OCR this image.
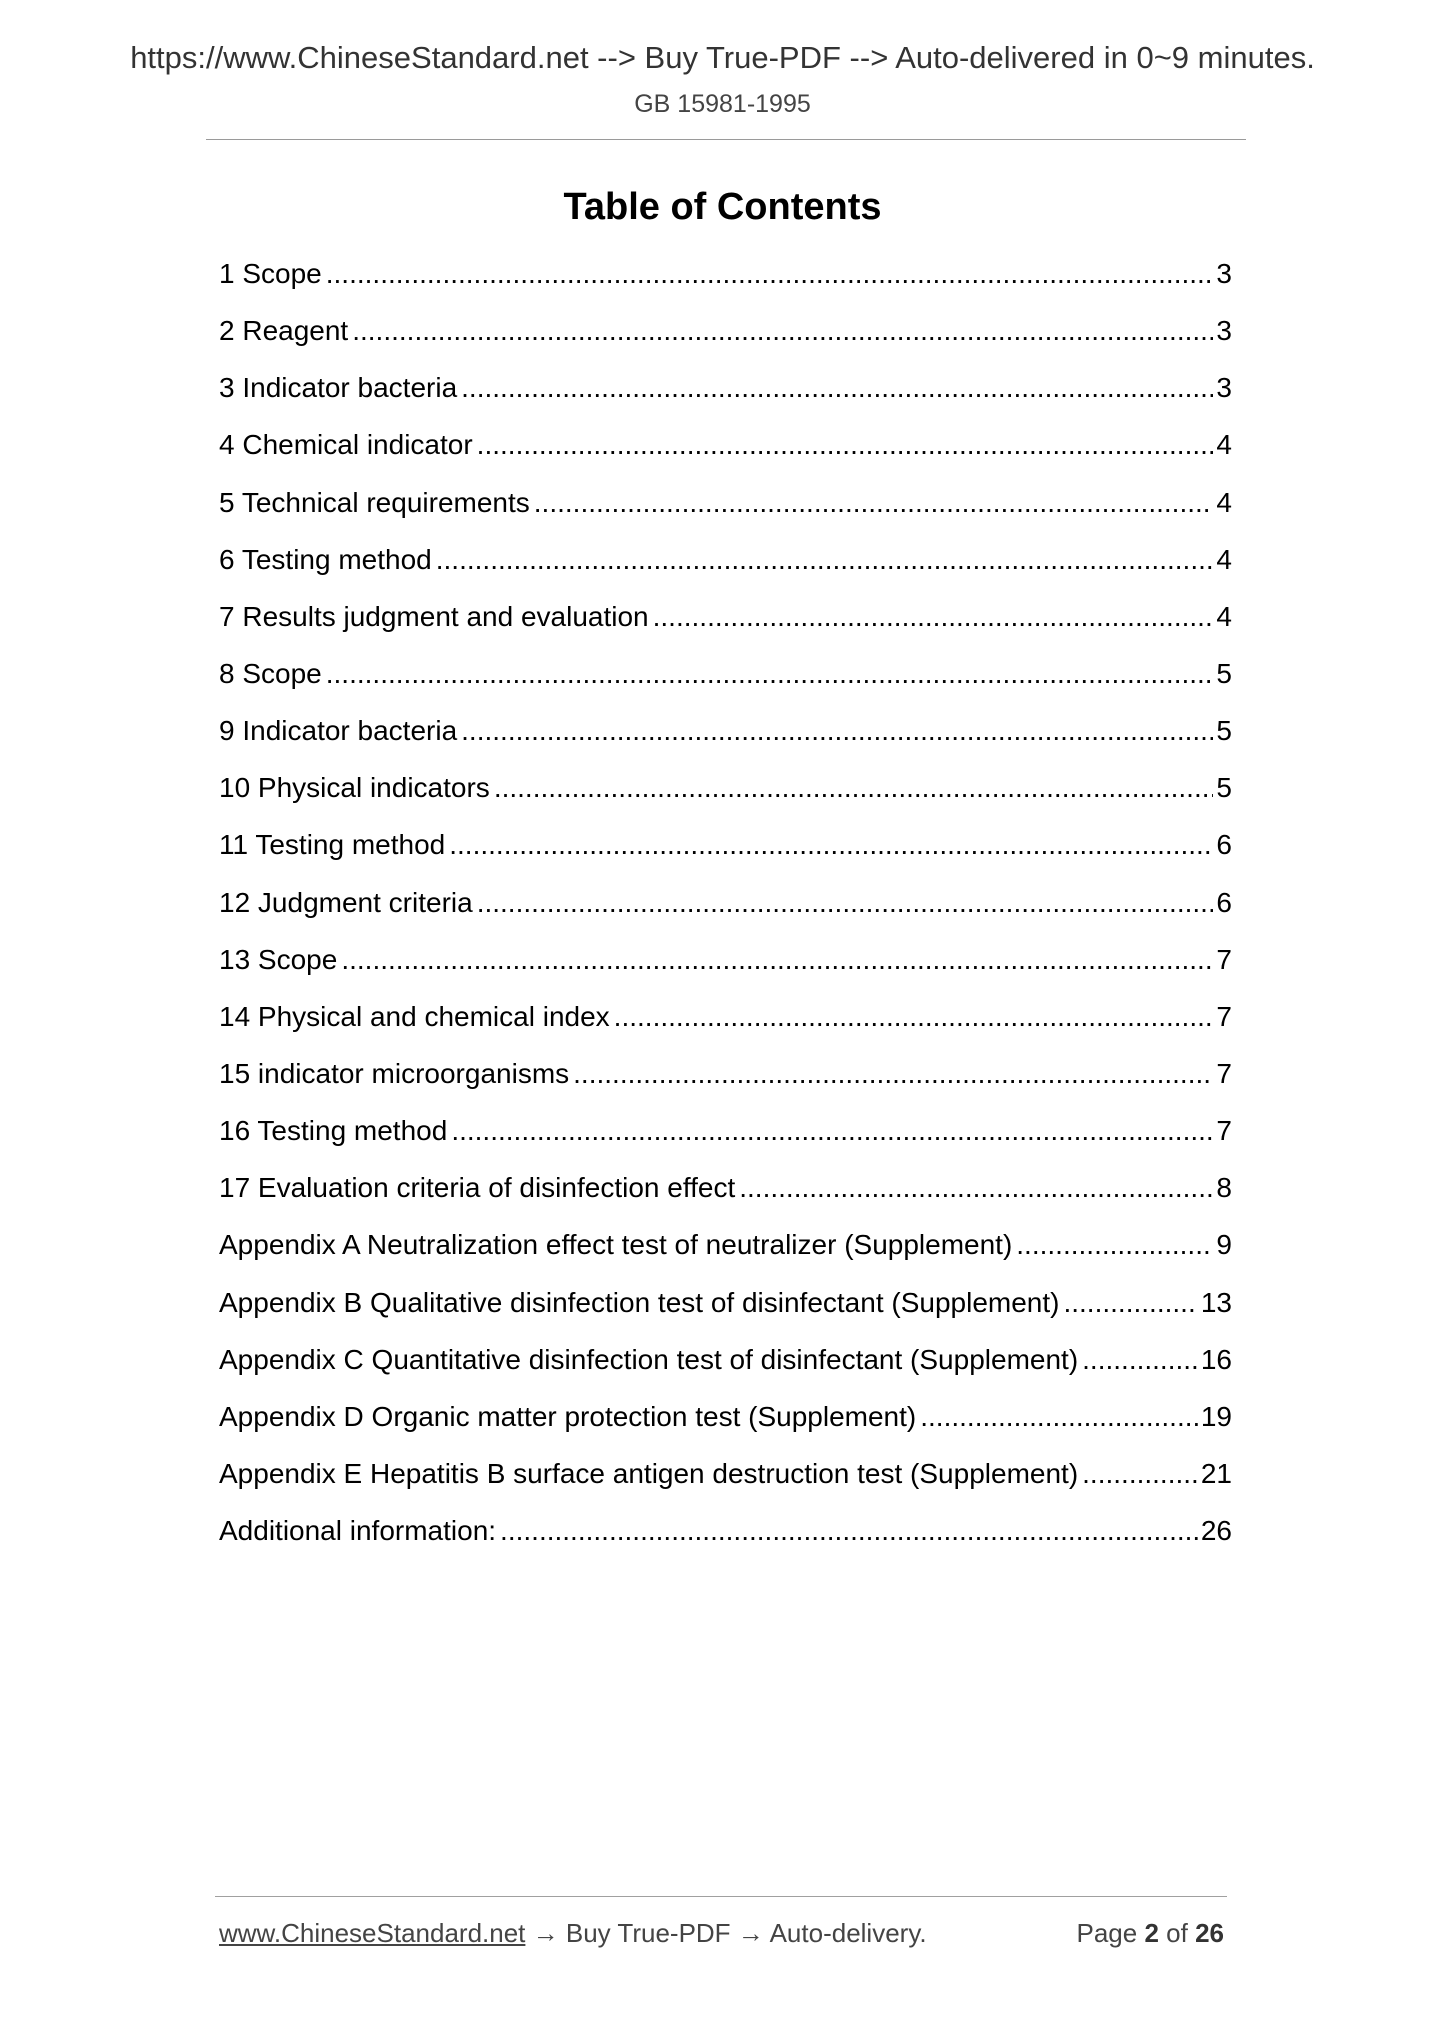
https://www.ChineseStandard.net --> Buy True-PDF --> Auto-delivered in 0~9 minutes.
GB 15981-1995
Table of Contents
1 Scope .....	3
2 Reagent .....	3
3 Indicator bacteria .....	3
4 Chemical indicator .....	4
5 Technical requirements .....	4
6 Testing method .....	4
7 Results judgment and evaluation .....	4
8 Scope .....	5
9 Indicator bacteria .....	5
10 Physical indicators .....	5
11 Testing method .....	6
12 Judgment criteria .....	6
13 Scope .....	7
14 Physical and chemical index .....	7
15 indicator microorganisms .....	7
16 Testing method .....	7
17 Evaluation criteria of disinfection effect .....	8
Appendix A Neutralization effect test of neutralizer (Supplement) .....	9
Appendix B Qualitative disinfection test of disinfectant (Supplement) .....	13
Appendix C Quantitative disinfection test of disinfectant (Supplement) .....	16
Appendix D Organic matter protection test (Supplement) .....	19
Appendix E Hepatitis B surface antigen destruction test (Supplement) .....	21
Additional information: .....	26
www.ChineseStandard.net → Buy True-PDF → Auto-delivery.	Page 2 of 26
